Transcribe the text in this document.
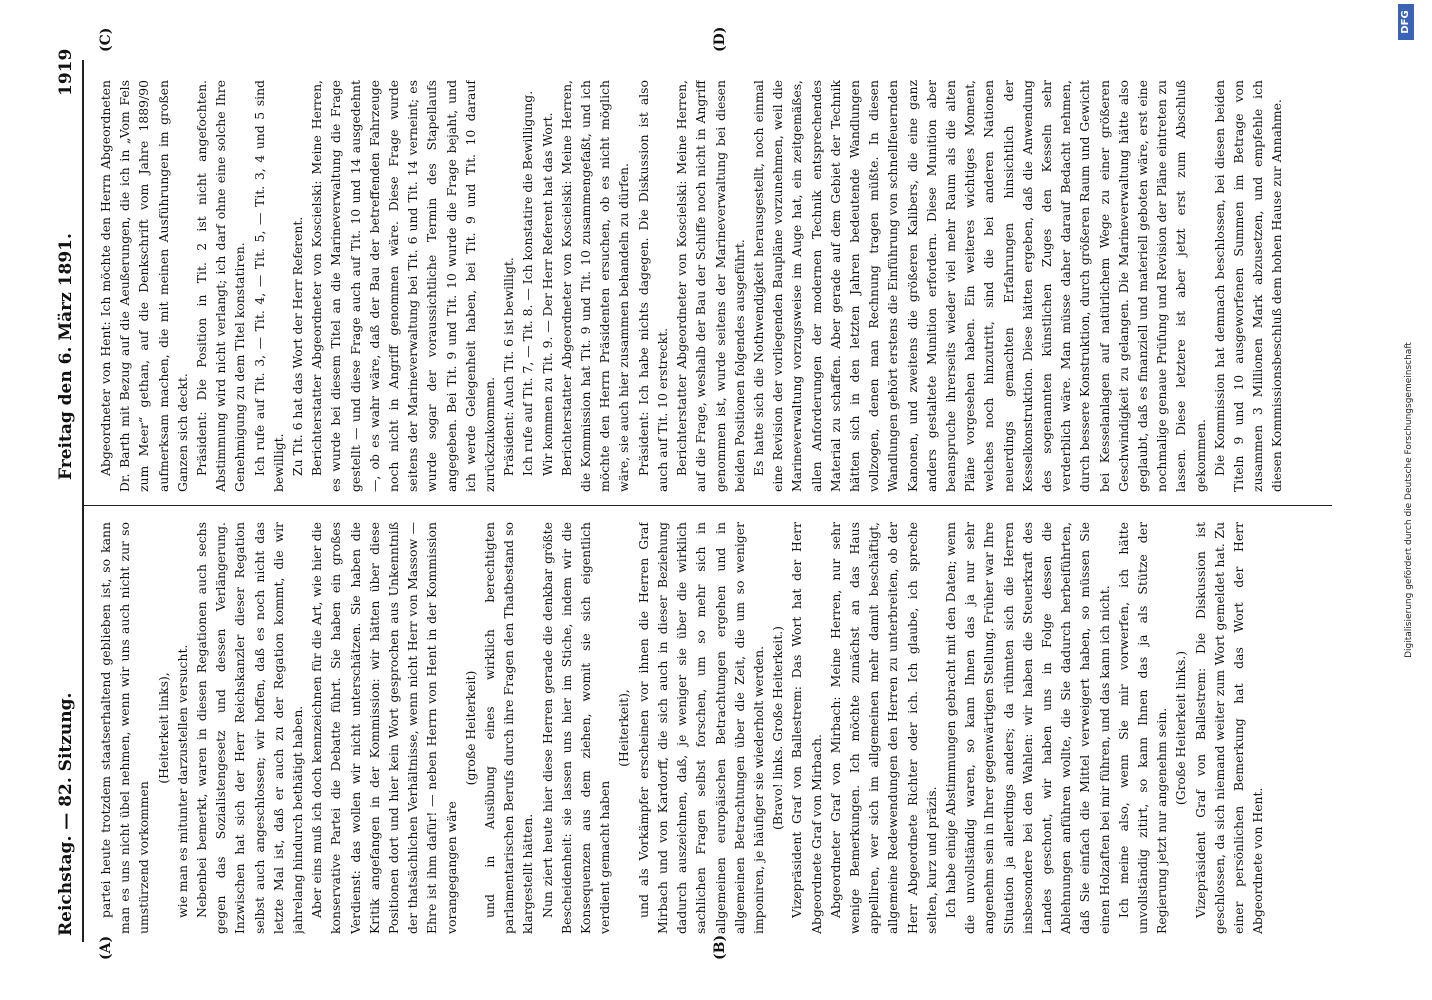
Reichstag. — 82. Sitzung.
Freitag den 6. März 1891.
1919
(A)	(B)
(C)	(D)

partei heute trotzdem staatserhaltend geblieben ist, so kann man es uns nicht übel nehmen, wenn wir uns auch nicht zur so umstürzend vorkommen

(Heiterkeit links), wie man es mitunter darzustellen versucht. Nebenbei bemerkt, waren in diesen Regationen auch sechs gegen das Sozialistengesetz und dessen Verlängerung. Inzwischen hat sich der Herr Reichskanzler dieser Regation selbst auch angeschlossen; wir hoffen, daß es noch nicht das letzte Mal ist, daß er auch zu der Regation kommt, die wir jahrelang hindurch bethätigt haben. Aber eins muß ich doch kennzeichnen für die Art, wie hier die konservative Partei die Debatte führt. Sie haben ein großes Verdienst: das wollen wir nicht unterschätzen. Sie haben die Kritik angefangen in der Kommission: wir hätten über diese Positionen dort und hier kein Wort gesprochen aus Unkenntniß der thatsächlichen Verhältnisse, wenn nicht Herr von Massow — Ehre ist ihm dafür! — neben Herrn von Hent in der Kommission vorangegangen wäre

(große Heiterkeit) und in Ausübung eines wirklich berechtigten parlamentarischen Berufs durch ihre Fragen den Thatbestand so klargestellt hätten. Nun ziert heute hier diese Herren gerade die denkbar größte Bescheidenheit: sie lassen uns hier im Stiche, indem wir die Konsequenzen aus dem ziehen, womit sie sich eigentlich verdient gemacht haben

(Heiterkeit), und als Vorkämpfer erscheinen vor ihnen die Herren Graf Mirbach und von Kardorff, die sich auch in dieser Beziehung dadurch auszeichnen, daß, je weniger sie über die wirklich sachlichen Fragen selbst forschen, um so mehr sich in allgemeinen europäischen Betrachtungen ergehen und in allgemeinen Betrachtungen über die Zeit, die um so weniger imponiren, je häufiger sie wiederholt werden. (Bravo! links. Große Heiterkeit.) Vizepräsident Graf von Ballestrem: Das Wort hat der Herr Abgeordnete Graf von Mirbach. Abgeordneter Graf von Mirbach: Meine Herren, nur sehr wenige Bemerkungen. Ich möchte zunächst an das Haus appelliren, wer sich im allgemeinen mehr damit beschäftigt, allgemeine Redewendungen den Herren zu unterbreiten, ob der Herr Abgeordnete Richter oder ich. Ich glaube, ich spreche selten, kurz und präzis. Ich habe einige Abstimmungen gebracht mit den Daten; wenn die unvollständig waren, so kann Ihnen das ja nur sehr angenehm sein in Ihrer gegenwärtigen Stellung. Früher war Ihre Situation ja allerdings anders; da rühmten sich die Herren insbesondere bei den Wahlen: wir haben die Steuerkraft des Landes geschont, wir haben uns in Folge dessen die Ablehnungen anführen wollte, die Sie dadurch herbeiführten, daß Sie einfach die Mittel verweigert haben, so müssen Sie einen Holzaften bei mir führen, und das kann ich nicht. Ich meine also, wenn Sie mir vorwerfen, ich hätte unvollständig zitirt, so kann Ihnen das ja als Stütze der Regierung jetzt nur angenehm sein. (Große Heiterkeit links.) Vizepräsident Graf von Ballestrem: Die Diskussion ist geschlossen, da sich niemand weiter zum Wort gemeldet hat. Zu einer persönlichen Bemerkung hat das Wort der Herr Abgeordnete von Hent.

Abgeordneter von Hent: Ich möchte den Herrn Abgeordneten Dr. Barth mit Bezug auf die Aeußerungen, die ich in „Vom Fels zum Meer“ gethan, auf die Denkschrift vom Jahre 1889/90 aufmerksam machen, die mit meinen Ausführungen im großen Ganzen sich deckt. Präsident: Die Position in Tit. 2 ist nicht angefochten. Abstimmung wird nicht verlangt; ich darf ohne eine solche Ihre Genehmigung zu dem Titel konstatiren. Ich rufe auf Tit. 3, — Tit. 4, — Tit. 5, — Tit. 3, 4 und 5 sind bewilligt. Zu Tit. 6 hat das Wort der Herr Referent. Berichterstatter Abgeordneter von Koscielski: Meine Herren, es wurde bei diesem Titel an die Marineverwaltung die Frage gestellt — und diese Frage auch auf Tit. 10 und 14 ausgedehnt —, ob es wahr wäre, daß der Bau der betreffenden Fahrzeuge noch nicht in Angriff genommen wäre. Diese Frage wurde seitens der Marineverwaltung bei Tit. 6 und Tit. 14 verneint; es wurde sogar der voraussichtliche Termin des Stapellaufs angegeben. Bei Tit. 9 und Tit. 10 wurde die Frage bejaht, und ich werde Gelegenheit haben, bei Tit. 9 und Tit. 10 darauf zurückzukommen. Präsident: Auch Tit. 6 ist bewilligt. Ich rufe auf Tit. 7, — Tit. 8. — Ich konstatire die Bewilligung. Wir kommen zu Tit. 9. — Der Herr Referent hat das Wort. Berichterstatter Abgeordneter von Koscielski: Meine Herren, die Kommission hat Tit. 9 und Tit. 10 zusammengefaßt, und ich möchte den Herrn Präsidenten ersuchen, ob es nicht möglich wäre, sie auch hier zusammen behandeln zu dürfen. Präsident: Ich habe nichts dagegen. Die Diskussion ist also auch auf Tit. 10 erstreckt. Berichterstatter Abgeordneter von Koscielski: Meine Herren, auf die Frage, weshalb der Bau der Schiffe noch nicht in Angriff genommen ist, wurde seitens der Marineverwaltung bei diesen beiden Positionen folgendes ausgeführt. Es hatte sich die Nothwendigkeit herausgestellt, noch einmal eine Revision der vorliegenden Baupläne vorzunehmen, weil die Marineverwaltung vorzugsweise im Auge hat, ein zeitgemäßes, allen Anforderungen der modernen Technik entsprechendes Material zu schaffen. Aber gerade auf dem Gebiet der Technik hätten sich in den letzten Jahren bedeutende Wandlungen vollzogen, denen man Rechnung tragen müßte. In diesen Wandlungen gehört erstens die Einführung von schnellfeuernden Kanonen, und zweitens die größeren Kalibers, die eine ganz anders gestaltete Munition erfordern. Diese Munition aber beanspruche ihrerseits wieder viel mehr Raum als die alten Pläne vorgesehen haben. Ein weiteres wichtiges Moment, welches noch hinzutritt, sind die bei anderen Nationen neuerdings gemachten Erfahrungen hinsichtlich der Kesselkonstruktion. Diese hätten ergeben, daß die Anwendung des sogenannten künstlichen Zuges den Kesseln sehr verderblich wäre. Man müsse daher darauf Bedacht nehmen, durch bessere Konstruktion, durch größeren Raum und Gewicht bei Kesselanlagen auf natürlichem Wege zu einer größeren Geschwindigkeit zu gelangen. Die Marineverwaltung hätte also geglaubt, daß es finanziell und materiell geboten wäre, erst eine nochmalige genaue Prüfung und Revision der Pläne eintreten zu lassen. Diese letztere ist aber jetzt erst zum Abschluß gekommen. Die Kommission hat demnach beschlossen, bei diesen beiden Titeln 9 und 10 ausgeworfenen Summen im Betrage von zusammen 3 Millionen Mark abzusetzen, und empfehle ich diesen Kommissionsbeschluß dem hohen Hause zur Annahme.

Digitalisierung gefördert durch die Deutsche Forschungsgemeinschaft
DFG
